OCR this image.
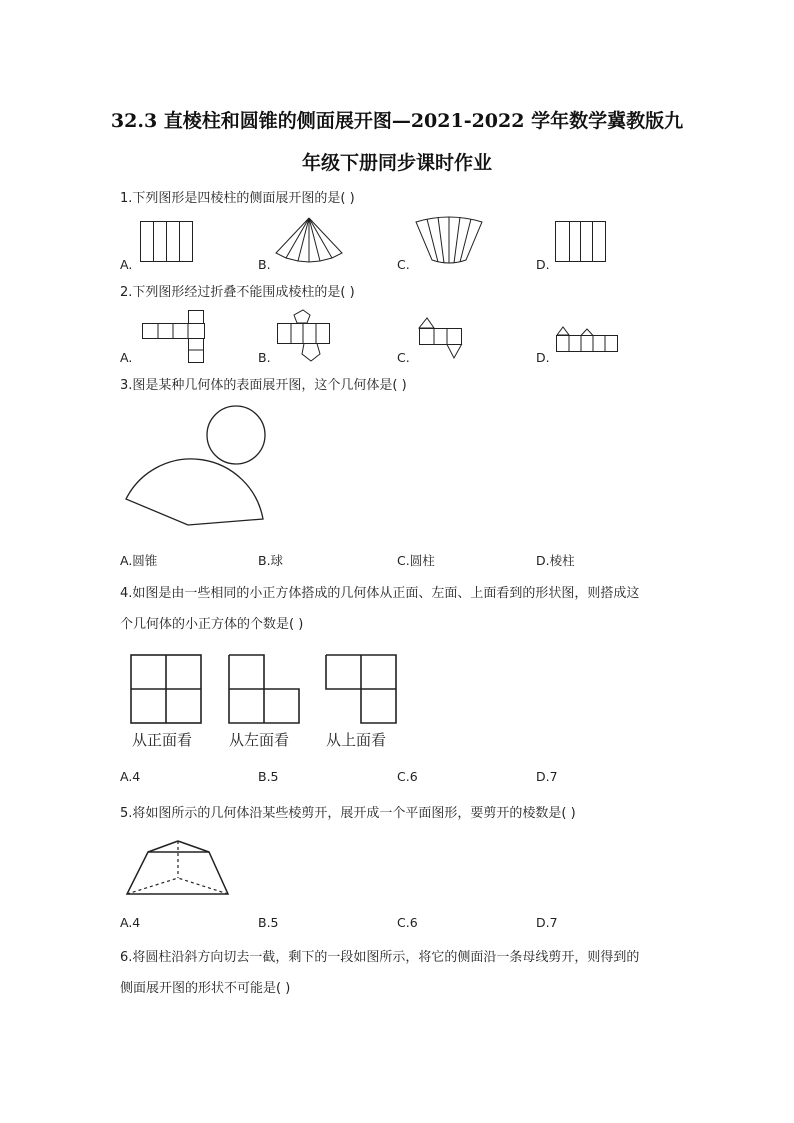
32.3 直棱柱和圆锥的侧面展开图—2021-2022 学年数学冀教版九
年级下册同步课时作业
1.下列图形是四棱柱的侧面展开图的是( )
A.	B.	C.	D.
2.下列图形经过折叠不能围成棱柱的是( )
A.	B.	C.	D.
3.图是某种几何体的表面展开图，这个几何体是( )
A.圆锥	B.球	C.圆柱	D.棱柱
4.如图是由一些相同的小正方体搭成的几何体从正面、左面、上面看到的形状图，则搭成这
个几何体的小正方体的个数是( )
从正面看 从左面看 从上面看
A.4	B.5	C.6	D.7
5.将如图所示的几何体沿某些棱剪开，展开成一个平面图形，要剪开的棱数是( )
A.4	B.5	C.6	D.7
6.将圆柱沿斜方向切去一截，剩下的一段如图所示，将它的侧面沿一条母线剪开，则得到的
侧面展开图的形状不可能是( )
